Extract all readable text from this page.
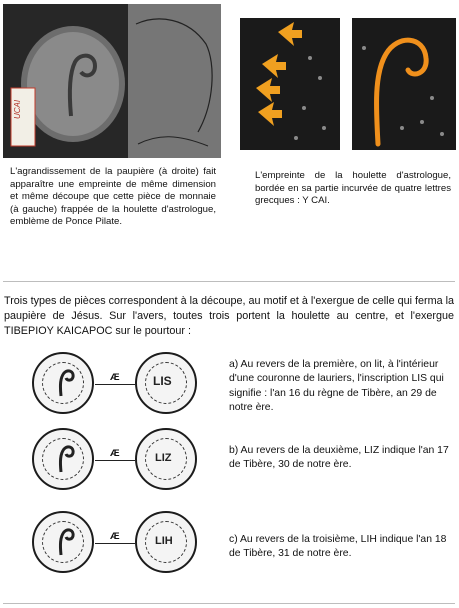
UCAI

L'agrandissement de la paupière (à droite) fait apparaître une empreinte de même dimension et même découpe que cette pièce de monnaie (à gauche) frappée de la houlette d'astrologue, emblème de Ponce Pilate.

L'empreinte de la houlette d'astrologue, bordée en sa partie incurvée de quatre lettres grecques : Y CAI.

Trois types de pièces correspondent à la découpe, au motif et à l'exergue de celle qui ferma la paupière de Jésus. Sur l'avers, toutes trois portent la houlette au centre, et l'exergue TIBEPIOY KAICAPOC sur le pourtour :

Æ	LIS

a) Au revers de la première, on lit, à l'intérieur d'une couronne de lauriers, l'inscription LIS qui signifie : l'an 16 du règne de Tibère, an 29 de notre ère.

Æ	LIZ

b) Au revers de la deuxième, LIZ indique l'an 17 de Tibère, 30 de notre ère.

Æ	LIH	c) Au revers de la troisième, LIH indique l'an 18 de Tibère, 31 de notre ère.
